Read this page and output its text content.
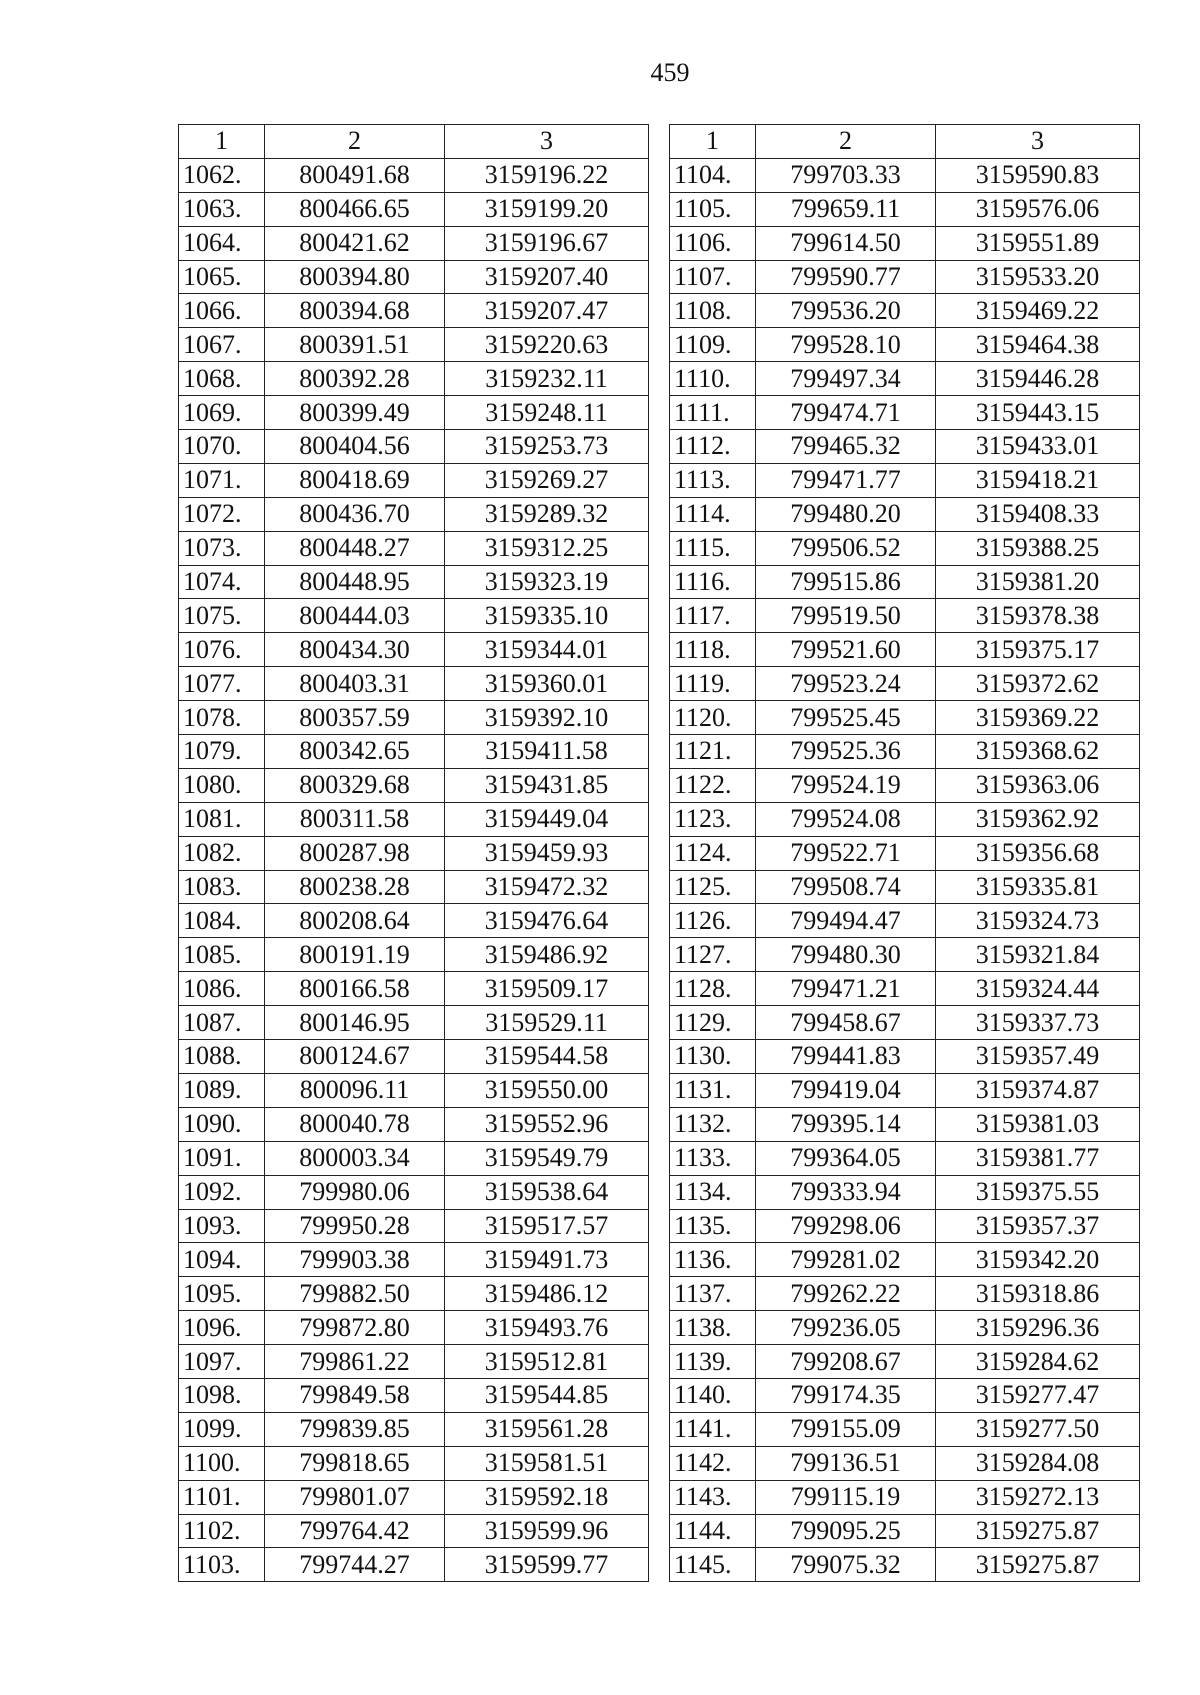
459
1	2	3
1062.	800491.68	3159196.22
1063.	800466.65	3159199.20
1064.	800421.62	3159196.67
1065.	800394.80	3159207.40
1066.	800394.68	3159207.47
1067.	800391.51	3159220.63
1068.	800392.28	3159232.11
1069.	800399.49	3159248.11
1070.	800404.56	3159253.73
1071.	800418.69	3159269.27
1072.	800436.70	3159289.32
1073.	800448.27	3159312.25
1074.	800448.95	3159323.19
1075.	800444.03	3159335.10
1076.	800434.30	3159344.01
1077.	800403.31	3159360.01
1078.	800357.59	3159392.10
1079.	800342.65	3159411.58
1080.	800329.68	3159431.85
1081.	800311.58	3159449.04
1082.	800287.98	3159459.93
1083.	800238.28	3159472.32
1084.	800208.64	3159476.64
1085.	800191.19	3159486.92
1086.	800166.58	3159509.17
1087.	800146.95	3159529.11
1088.	800124.67	3159544.58
1089.	800096.11	3159550.00
1090.	800040.78	3159552.96
1091.	800003.34	3159549.79
1092.	799980.06	3159538.64
1093.	799950.28	3159517.57
1094.	799903.38	3159491.73
1095.	799882.50	3159486.12
1096.	799872.80	3159493.76
1097.	799861.22	3159512.81
1098.	799849.58	3159544.85
1099.	799839.85	3159561.28
1100.	799818.65	3159581.51
1101.	799801.07	3159592.18
1102.	799764.42	3159599.96
1103.	799744.27	3159599.77
1	2	3
1104.	799703.33	3159590.83
1105.	799659.11	3159576.06
1106.	799614.50	3159551.89
1107.	799590.77	3159533.20
1108.	799536.20	3159469.22
1109.	799528.10	3159464.38
1110.	799497.34	3159446.28
1111.	799474.71	3159443.15
1112.	799465.32	3159433.01
1113.	799471.77	3159418.21
1114.	799480.20	3159408.33
1115.	799506.52	3159388.25
1116.	799515.86	3159381.20
1117.	799519.50	3159378.38
1118.	799521.60	3159375.17
1119.	799523.24	3159372.62
1120.	799525.45	3159369.22
1121.	799525.36	3159368.62
1122.	799524.19	3159363.06
1123.	799524.08	3159362.92
1124.	799522.71	3159356.68
1125.	799508.74	3159335.81
1126.	799494.47	3159324.73
1127.	799480.30	3159321.84
1128.	799471.21	3159324.44
1129.	799458.67	3159337.73
1130.	799441.83	3159357.49
1131.	799419.04	3159374.87
1132.	799395.14	3159381.03
1133.	799364.05	3159381.77
1134.	799333.94	3159375.55
1135.	799298.06	3159357.37
1136.	799281.02	3159342.20
1137.	799262.22	3159318.86
1138.	799236.05	3159296.36
1139.	799208.67	3159284.62
1140.	799174.35	3159277.47
1141.	799155.09	3159277.50
1142.	799136.51	3159284.08
1143.	799115.19	3159272.13
1144.	799095.25	3159275.87
1145.	799075.32	3159275.87
